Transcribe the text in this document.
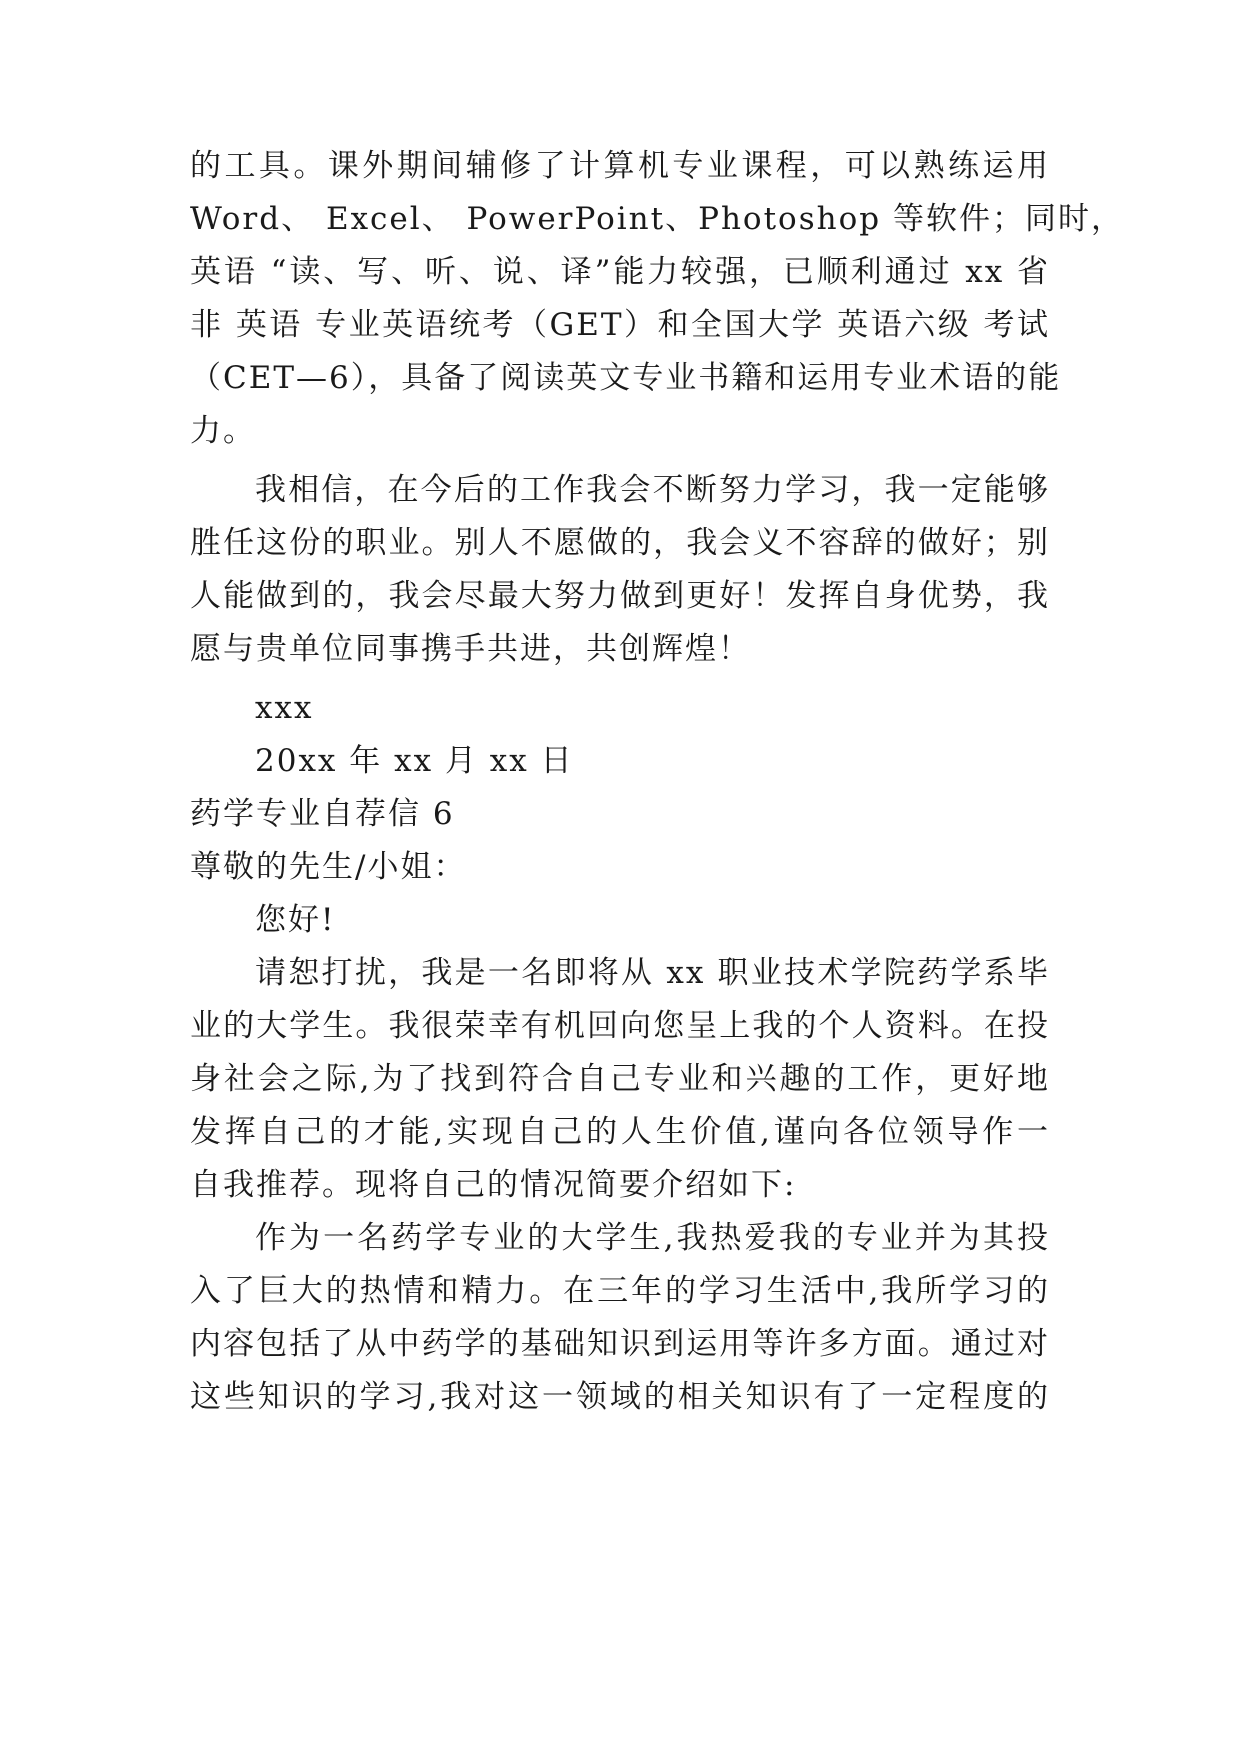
的工具。课外期间辅修了计算机专业课程，可以熟练运用
Word、 Excel、 PowerPoint、Photoshop 等软件；同时，
英语 “读、写、听、说、译”能力较强，已顺利通过 xx 省
非 英语 专业英语统考（GET）和全国大学 英语六级 考试
（CET—6），具备了阅读英文专业书籍和运用专业术语的能
力。
我相信，在今后的工作我会不断努力学习，我一定能够
胜任这份的职业。别人不愿做的，我会义不容辞的做好；别
人能做到的，我会尽最大努力做到更好！发挥自身优势，我
愿与贵单位同事携手共进，共创辉煌！
xxx
20xx 年 xx 月 xx 日
药学专业自荐信 6
尊敬的先生/小姐：
您好!
请恕打扰，我是一名即将从 xx 职业技术学院药学系毕
业的大学生。我很荣幸有机回向您呈上我的个人资料。在投
身社会之际,为了找到符合自己专业和兴趣的工作，更好地
发挥自己的才能,实现自己的人生价值,谨向各位领导作一
自我推荐。现将自己的情况简要介绍如下:
作为一名药学专业的大学生,我热爱我的专业并为其投
入了巨大的热情和精力。在三年的学习生活中,我所学习的
内容包括了从中药学的基础知识到运用等许多方面。通过对
这些知识的学习,我对这一领域的相关知识有了一定程度的
